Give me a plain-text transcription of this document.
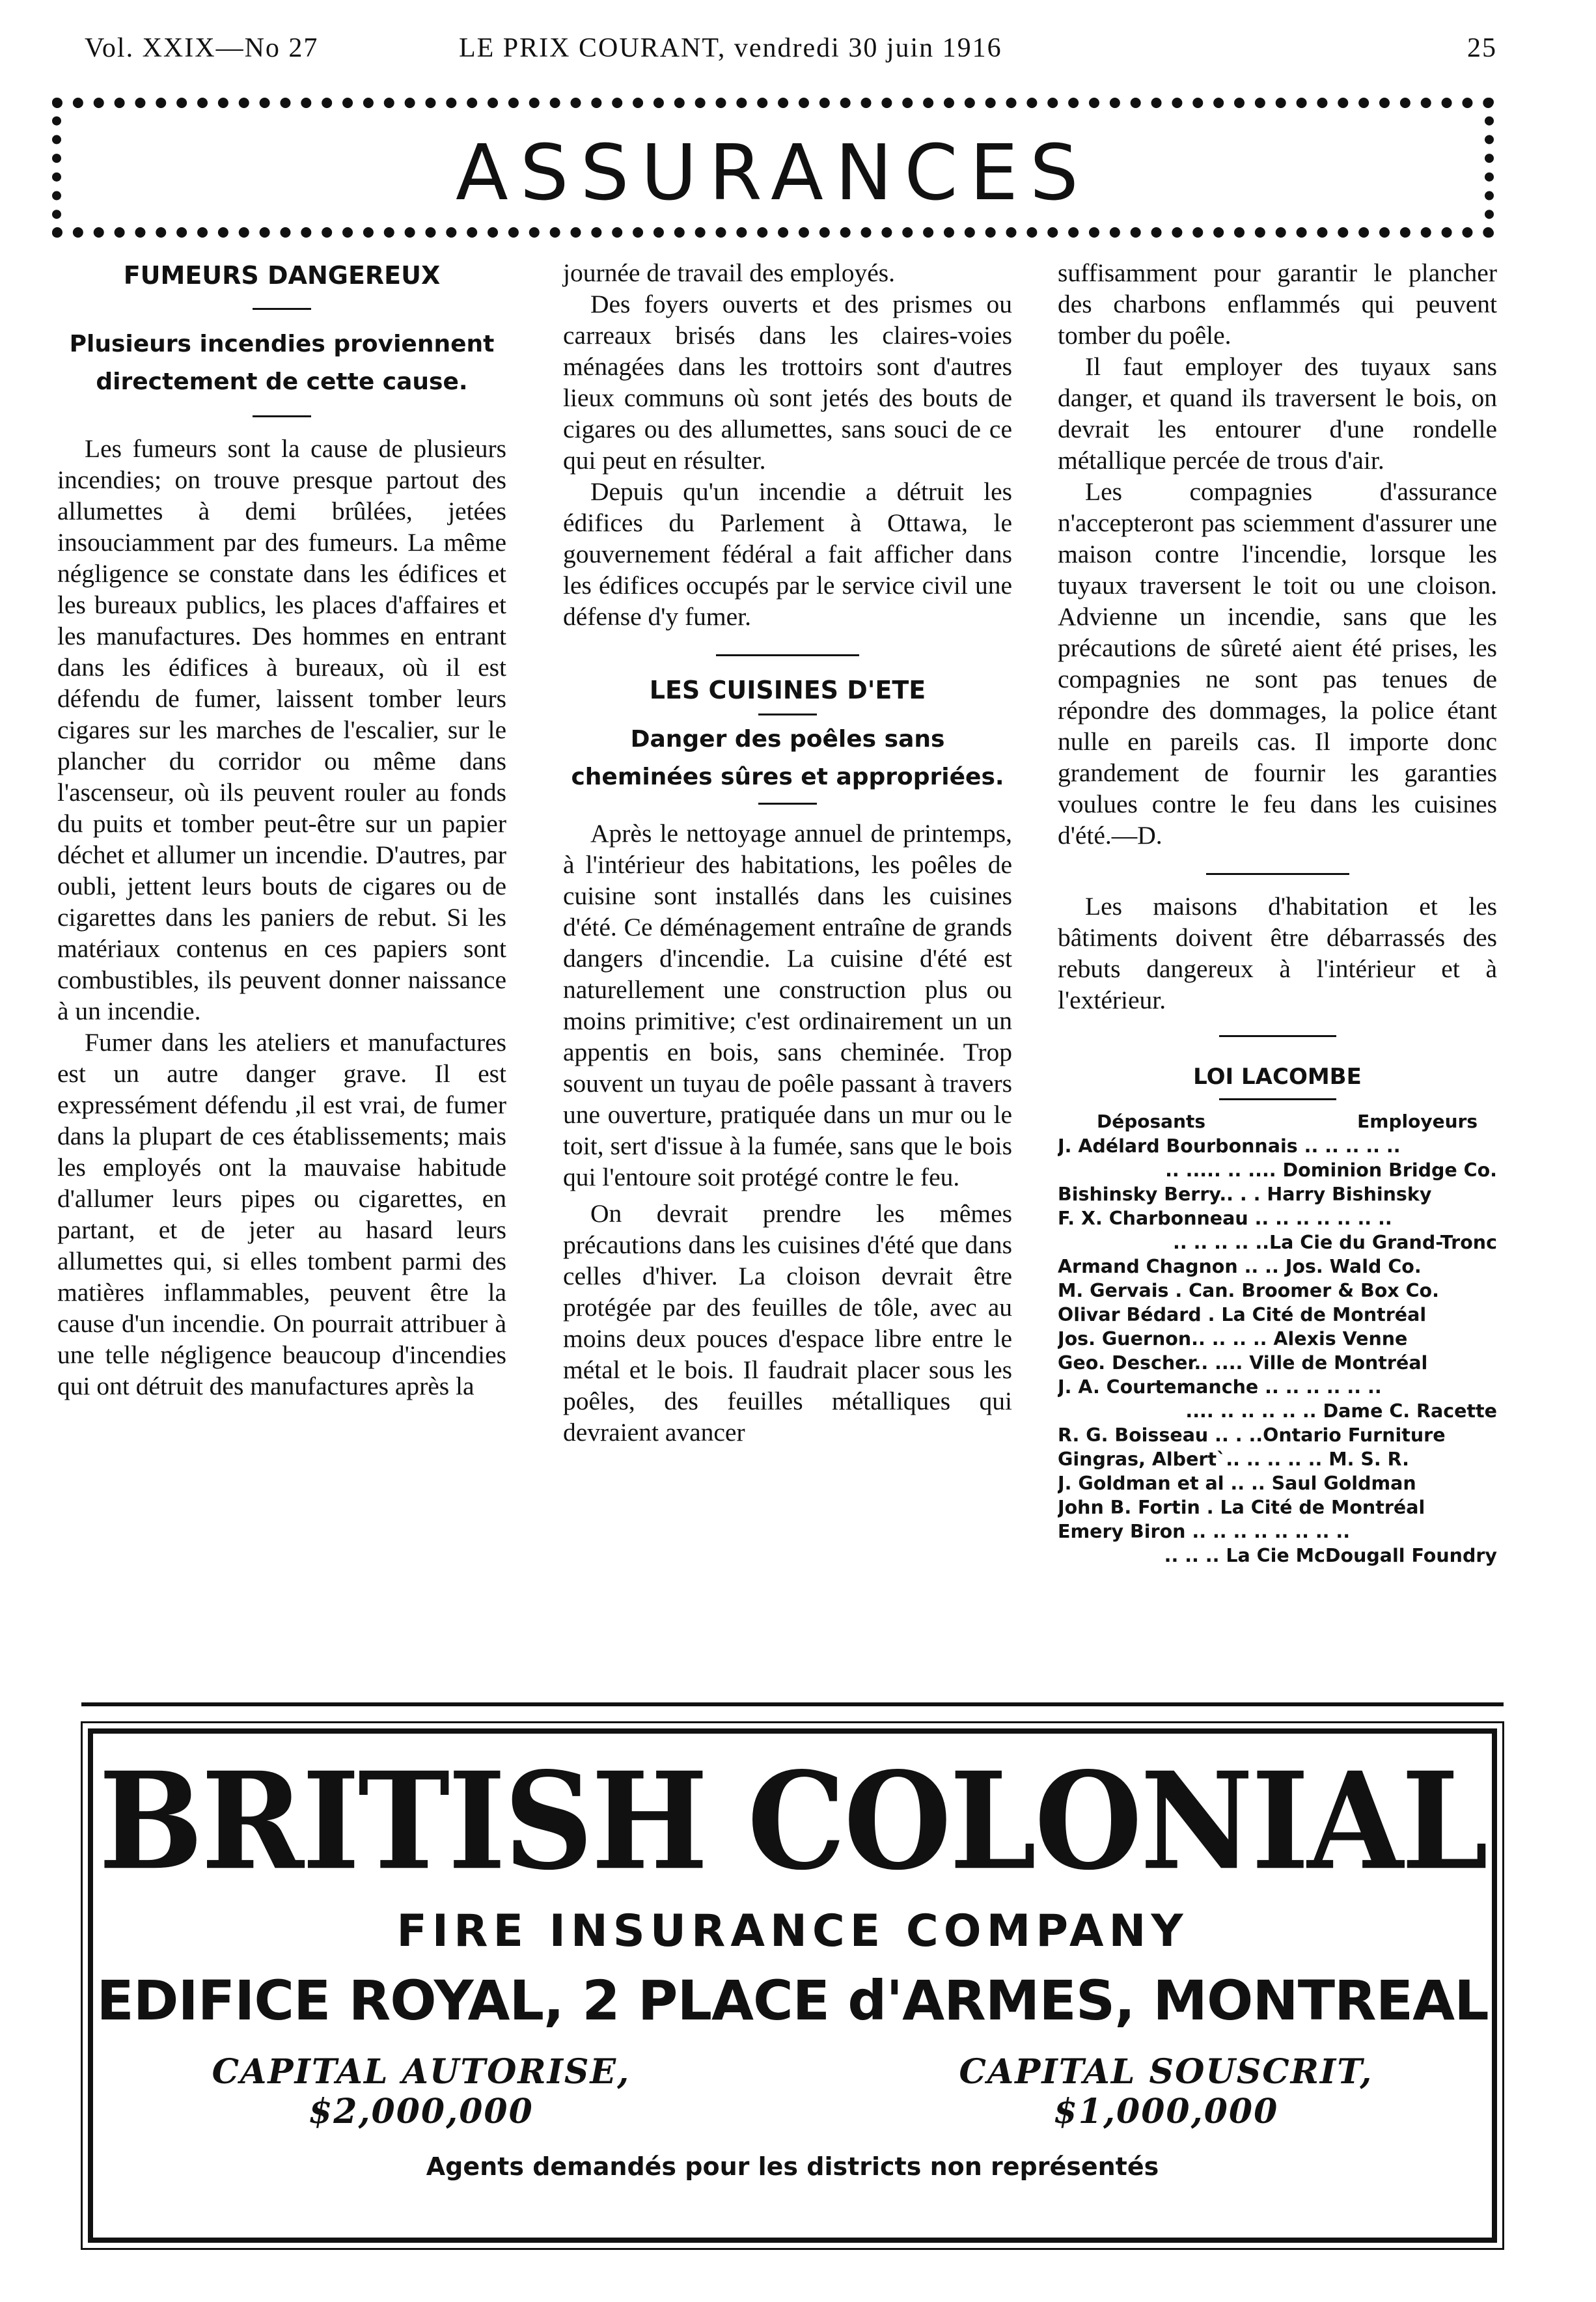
Vol. XXIX—No 27	LE PRIX COURANT, vendredi 30 juin 1916	25
ASSURANCES

FUMEURS DANGEREUX

Plusieurs incendies proviennent directement de cette cause.

Les fumeurs sont la cause de plusieurs incendies; on trouve presque partout des allumettes à demi brûlées, jetées insouciamment par des fumeurs. La même négligence se constate dans les édifices et les bureaux publics, les places d'affaires et les manufactures. Des hommes en entrant dans les édifices à bureaux, où il est défendu de fumer, laissent tomber leurs cigares sur les marches de l'escalier, sur le plancher du corridor ou même dans l'ascenseur, où ils peuvent rouler au fonds du puits et tomber peut-être sur un papier déchet et allumer un incendie. D'autres, par oubli, jettent leurs bouts de cigares ou de cigarettes dans les paniers de rebut. Si les matériaux contenus en ces papiers sont combustibles, ils peuvent donner naissance à un incendie.

Fumer dans les ateliers et manufactures est un autre danger grave. Il est expressément défendu ,il est vrai, de fumer dans la plupart de ces établissements; mais les employés ont la mauvaise habitude d'allumer leurs pipes ou cigarettes, en partant, et de jeter au hasard leurs allumettes qui, si elles tombent parmi des matières inflammables, peuvent être la cause d'un incendie. On pourrait attribuer à une telle négligence beaucoup d'incendies qui ont détruit des manufactures après la

journée de travail des employés.

Des foyers ouverts et des prismes ou carreaux brisés dans les claires-voies ménagées dans les trottoirs sont d'autres lieux communs où sont jetés des bouts de cigares ou des allumettes, sans souci de ce qui peut en résulter.

Depuis qu'un incendie a détruit les édifices du Parlement à Ottawa, le gouvernement fédéral a fait afficher dans les édifices occupés par le service civil une défense d'y fumer.

LES CUISINES D'ETE

Danger des poêles sans cheminées sûres et appropriées.

Après le nettoyage annuel de printemps, à l'intérieur des habitations, les poêles de cuisine sont installés dans les cuisines d'été. Ce déménagement entraîne de grands dangers d'incendie. La cuisine d'été est naturellement une construction plus ou moins primitive; c'est ordinairement un un appentis en bois, sans cheminée. Trop souvent un tuyau de poêle passant à travers une ouverture, pratiquée dans un mur ou le toit, sert d'issue à la fumée, sans que le bois qui l'entoure soit protégé contre le feu.

On devrait prendre les mêmes précautions dans les cuisines d'été que dans celles d'hiver. La cloison devrait être protégée par des feuilles de tôle, avec au moins deux pouces d'espace libre entre le métal et le bois. Il faudrait placer sous les poêles, des feuilles métalliques qui devraient avancer

suffisamment pour garantir le plancher des charbons enflammés qui peuvent tomber du poêle.

Il faut employer des tuyaux sans danger, et quand ils traversent le bois, on devrait les entourer d'une rondelle métallique percée de trous d'air.

Les compagnies d'assurance n'accepteront pas sciemment d'assurer une maison contre l'incendie, lorsque les tuyaux traversent le toit ou une cloison. Advienne un incendie, sans que les précautions de sûreté aient été prises, les compagnies ne sont pas tenues de répondre des dommages, la police étant nulle en pareils cas. Il importe donc grandement de fournir les garanties voulues contre le feu dans les cuisines d'été.—D.

Les maisons d'habitation et les bâtiments doivent être débarrassés des rebuts dangereux à l'intérieur et à l'extérieur.

LOI LACOMBE
Déposants	Employeurs
J. Adélard Bourbonnais .. .. .. .. ..
.. ..... .. .... Dominion Bridge Co.
Bishinsky Berry.. . . Harry Bishinsky
F. X. Charbonneau .. .. .. .. .. .. ..
.. .. .. .. ..La Cie du Grand-Tronc
Armand Chagnon .. .. Jos. Wald Co.
M. Gervais . Can. Broomer & Box Co.
Olivar Bédard . La Cité de Montréal
Jos. Guernon.. .. .. .. Alexis Venne
Geo. Descher.. .... Ville de Montréal
J. A. Courtemanche .. .. .. .. .. ..
.... .. .. .. .. .. Dame C. Racette
R. G. Boisseau .. . ..Ontario Furniture
Gingras, Albert`.. .. .. .. .. M. S. R.
J. Goldman et al .. .. Saul Goldman
John B. Fortin . La Cité de Montréal
Emery Biron .. .. .. .. .. .. .. ..
.. .. .. La Cie McDougall Foundry
BRITISH COLONIAL
FIRE INSURANCE COMPANY
EDIFICE ROYAL, 2 PLACE d'ARMES, MONTREAL
CAPITAL AUTORISE, $2,000,000
CAPITAL SOUSCRIT, $1,000,000
Agents demandés pour les districts non représentés
